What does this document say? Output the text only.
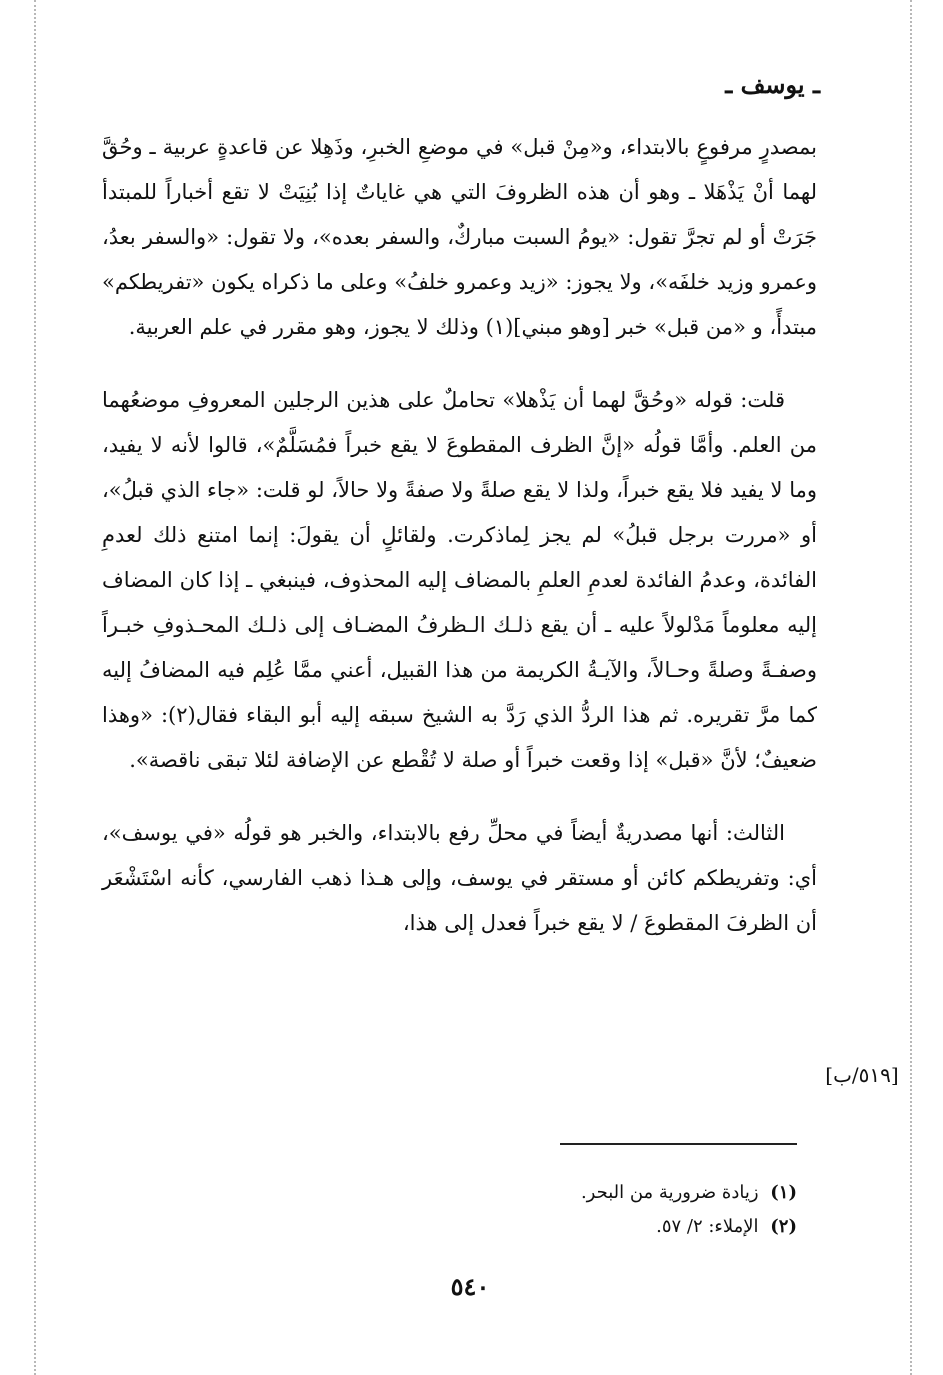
ـ يوسف ـ

بمصدرٍ مرفوعٍ بالابتداء، و«مِنْ قبل» في موضعِ الخبرِ، وذَهِلا عن قاعدةٍ عربية ـ وحُقَّ لهما أنْ يَذْهَلا ـ وهو أن هذه الظروفَ التي هي غاياتٌ إذا بُنِيَتْ لا تقع أخباراً للمبتدأ جَرَتْ أو لم تجرَّ تقول: «يومُ السبت مباركٌ، والسفر بعده»، ولا تقول: «والسفر بعدُ، وعمرو وزيد خلفَه»، ولا يجوز: «زيد وعمرو خلفُ» وعلى ما ذكراه يكون «تفريطكم» مبتدأً، و «من قبل» خبر [وهو مبني](١) وذلك لا يجوز، وهو مقرر في علم العربية.

قلت: قوله «وحُقَّ لهما أن يَذْهلا» تحاملٌ على هذين الرجلين المعروفِ موضعُهما من العلم. وأمَّا قولُه «إنَّ الظرف المقطوعَ لا يقع خبراً فمُسَلَّمٌ»، قالوا لأنه لا يفيد، وما لا يفيد فلا يقع خبراً، ولذا لا يقع صلةً ولا صفةً ولا حالاً، لو قلت: «جاء الذي قبلُ»، أو «مررت برجل قبلُ» لم يجز لِماذكرت. ولقائلٍ أن يقولَ: إنما امتنع ذلك لعدمِ الفائدة، وعدمُ الفائدة لعدمِ العلمِ بالمضاف إليه المحذوف، فينبغي ـ إذا كان المضاف إليه معلوماً مَدْلولاً عليه ـ أن يقع ذلـك الـظرفُ المضـاف إلى ذلـك المحـذوفِ خبـراً وصفـةً وصلةً وحـالاً، والآيـةُ الكريمة من هذا القبيل، أعني ممَّا عُلِم فيه المضافُ إليه كما مرَّ تقريره. ثم هذا الردُّ الذي رَدَّ به الشيخ سبقه إليه أبو البقاء فقال(٢): «وهذا ضعيفٌ؛ لأنَّ «قبل» إذا وقعت خبراً أو صلة لا تُقْطع عن الإضافة لئلا تبقى ناقصة».

الثالث: أنها مصدريةٌ أيضاً في محلِّ رفع بالابتداء، والخبر هو قولُه «في يوسف»، أي: وتفريطكم كائن أو مستقر في يوسف، وإلى هـذا ذهب الفارسي، كأنه اسْتَشْعَر أن الظرفَ المقطوعَ / لا يقع خبراً فعدل إلى هذا،

[٥١٩/ب]
(١) زيادة ضرورية من البحر.
(٢) الإملاء: ٢/ ٥٧.
٥٤٠
